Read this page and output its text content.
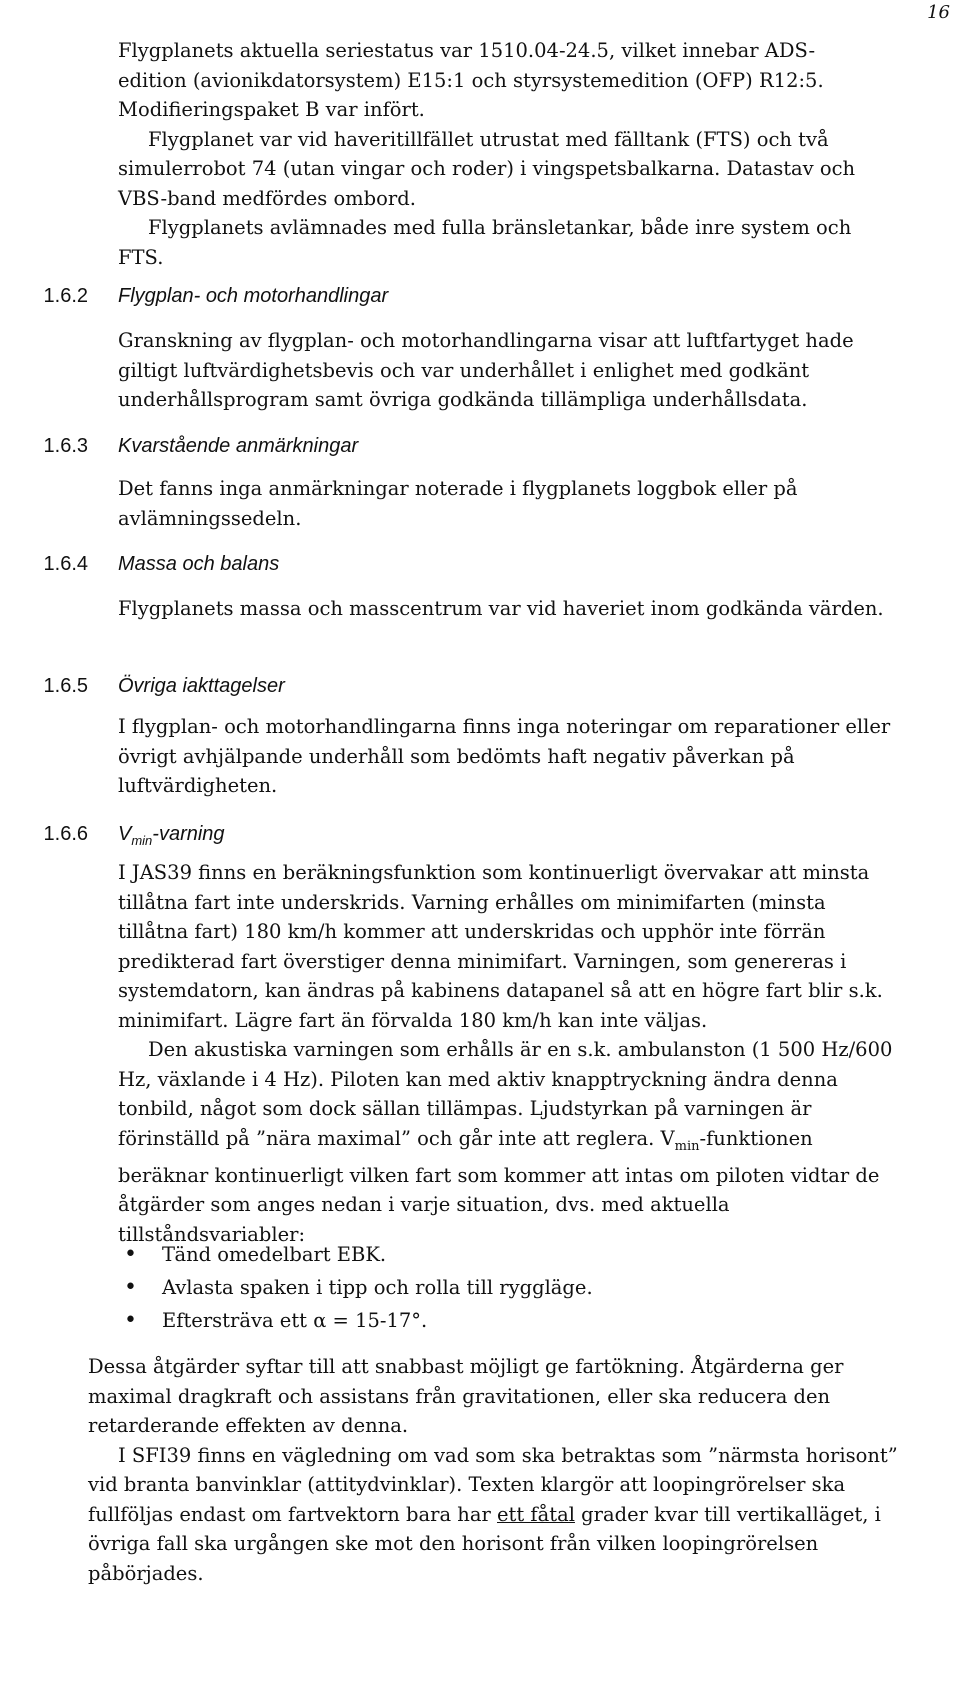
16
Flygplanets aktuella seriestatus var 1510.04-24.5, vilket innebar ADS-edition (avionikdatorsystem) E15:1 och styrsystemedition (OFP) R12:5. Modifieringspaket B var infört.

Flygplanet var vid haveritillfället utrustat med fälltank (FTS) och två simulerrobot 74 (utan vingar och roder) i vingspetsbalkarna. Datastav och VBS-band medfördes ombord.
Flygplanets avlämnades med fulla bränsletankar, både inre system och FTS.
1.6.2 Flygplan- och motorhandlingar
Granskning av flygplan- och motorhandlingarna visar att luftfartyget hade giltigt luftvärdighetsbevis och var underhållet i enlighet med godkänt underhållsprogram samt övriga godkända tillämpliga underhållsdata.
1.6.3 Kvarstående anmärkningar
Det fanns inga anmärkningar noterade i flygplanets loggbok eller på avlämningssedeln.
1.6.4 Massa och balans
Flygplanets massa och masscentrum var vid haveriet inom godkända värden.
1.6.5 Övriga iakttagelser
I flygplan- och motorhandlingarna finns inga noteringar om reparationer eller övrigt avhjälpande underhåll som bedömts haft negativ påverkan på luftvärdigheten.
1.6.6 $V_{min}$-varning
I JAS39 finns en beräkningsfunktion som kontinuerligt övervakar att minsta tillåtna fart inte underskrids. Varning erhålles om minimifarten (minsta tillåtna fart) 180 km/h kommer att underskridas och upphör inte förrän predikterad fart överstiger denna minimifart. Varningen, som genereras i systemdatorn, kan ändras på kabinens datapanel så att en högre fart blir s.k. minimifart. Lägre fart än förvalda 180 km/h kan inte väljas.
Den akustiska varningen som erhålls är en s.k. ambulanston (1 500 Hz/600 Hz, växlande i 4 Hz). Piloten kan med aktiv knapptryckning ändra denna tonbild, något som dock sällan tillämpas. Ljudstyrkan på varningen är förinställd på ”nära maximal” och går inte att reglera. $V_{min}$-funktionen beräknar kontinuerligt vilken fart som kommer att intas om piloten vidtar de åtgärder som anges nedan i varje situation, dvs. med aktuella tillståndsvariabler:
• Tänd omedelbart EBK.
• Avlasta spaken i tipp och rolla till ryggläge.
• Eftersträva ett α = 15-17°.
Dessa åtgärder syftar till att snabbast möjligt ge fartökning. Åtgärderna ger maximal dragkraft och assistans från gravitationen, eller ska reducera den retarderande effekten av denna.
I SFI39 finns en vägledning om vad som ska betraktas som ”närmsta horisont” vid branta banvinklar (attitydvinklar). Texten klargör att loopingrörelser ska fullföljas endast om fartvektorn bara har ett fåtal grader kvar till vertikalläget, i övriga fall ska urgången ske mot den horisont från vilken loopingrörelsen påbörjades.
